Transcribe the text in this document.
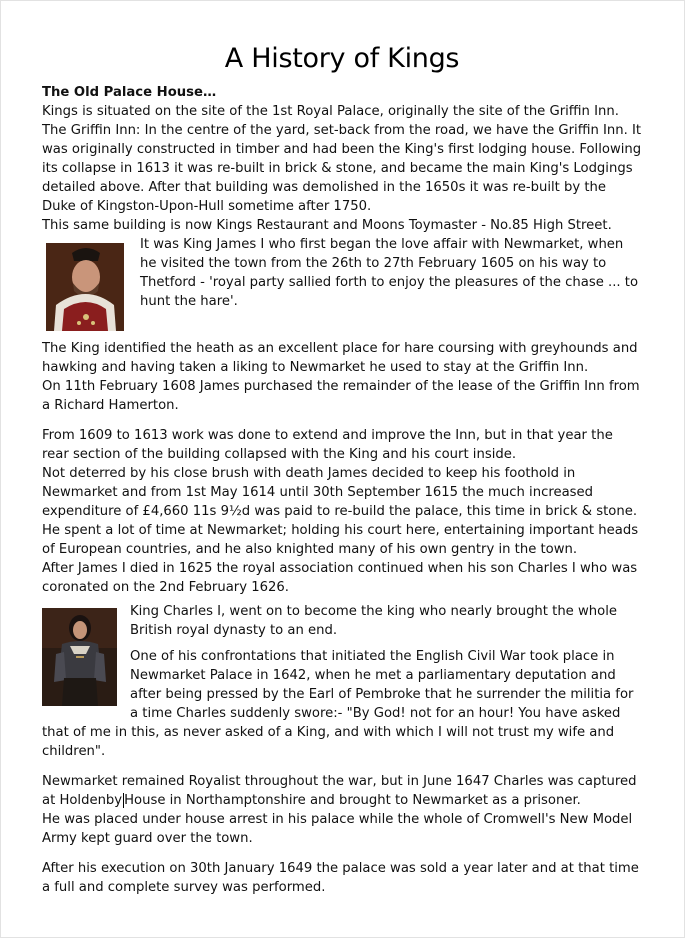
A History of Kings

The Old Palace House…

Kings is situated on the site of the 1st Royal Palace, originally the site of the Griffin Inn.

The Griffin Inn: In the centre of the yard, set-back from the road, we have the Griffin Inn. It was originally constructed in timber and had been the King's first lodging house. Following its collapse in 1613 it was re-built in brick & stone, and became the main King's Lodgings detailed above. After that building was demolished in the 1650s it was re-built by the Duke of Kingston-Upon-Hull sometime after 1750.

This same building is now Kings Restaurant and Moons Toymaster - No.85 High Street.

It was King James I who first began the love affair with Newmarket, when he visited the town from the 26th to 27th February 1605 on his way to Thetford - 'royal party sallied forth to enjoy the pleasures of the chase ... to hunt the hare'.

The King identified the heath as an excellent place for hare coursing with greyhounds and hawking and having taken a liking to Newmarket he used to stay at the Griffin Inn.

On 11th February 1608 James purchased the remainder of the lease of the Griffin Inn from a Richard Hamerton.

From 1609 to 1613 work was done to extend and improve the Inn, but in that year the rear section of the building collapsed with the King and his court inside.

Not deterred by his close brush with death James decided to keep his foothold in Newmarket and from 1st May 1614 until 30th September 1615 the much increased expenditure of £4,660 11s 9½d was paid to re-build the palace, this time in brick & stone.

He spent a lot of time at Newmarket; holding his court here, entertaining important heads of European countries, and he also knighted many of his own gentry in the town.

After James I died in 1625 the royal association continued when his son Charles I who was coronated on the 2nd February 1626.

King Charles I, went on to become the king who nearly brought the whole British royal dynasty to an end.

One of his confrontations that initiated the English Civil War took place in Newmarket Palace in 1642, when he met a parliamentary deputation and after being pressed by the Earl of Pembroke that he surrender the militia for a time Charles suddenly swore:- "By God! not for an hour! You have asked that of me in this, as never asked of a King, and with which I will not trust my wife and children".

Newmarket remained Royalist throughout the war, but in June 1647 Charles was captured at Holdenby House in Northamptonshire and brought to Newmarket as a prisoner.

He was placed under house arrest in his palace while the whole of Cromwell's New Model Army kept guard over the town.

After his execution on 30th January 1649 the palace was sold a year later and at that time a full and complete survey was performed.
